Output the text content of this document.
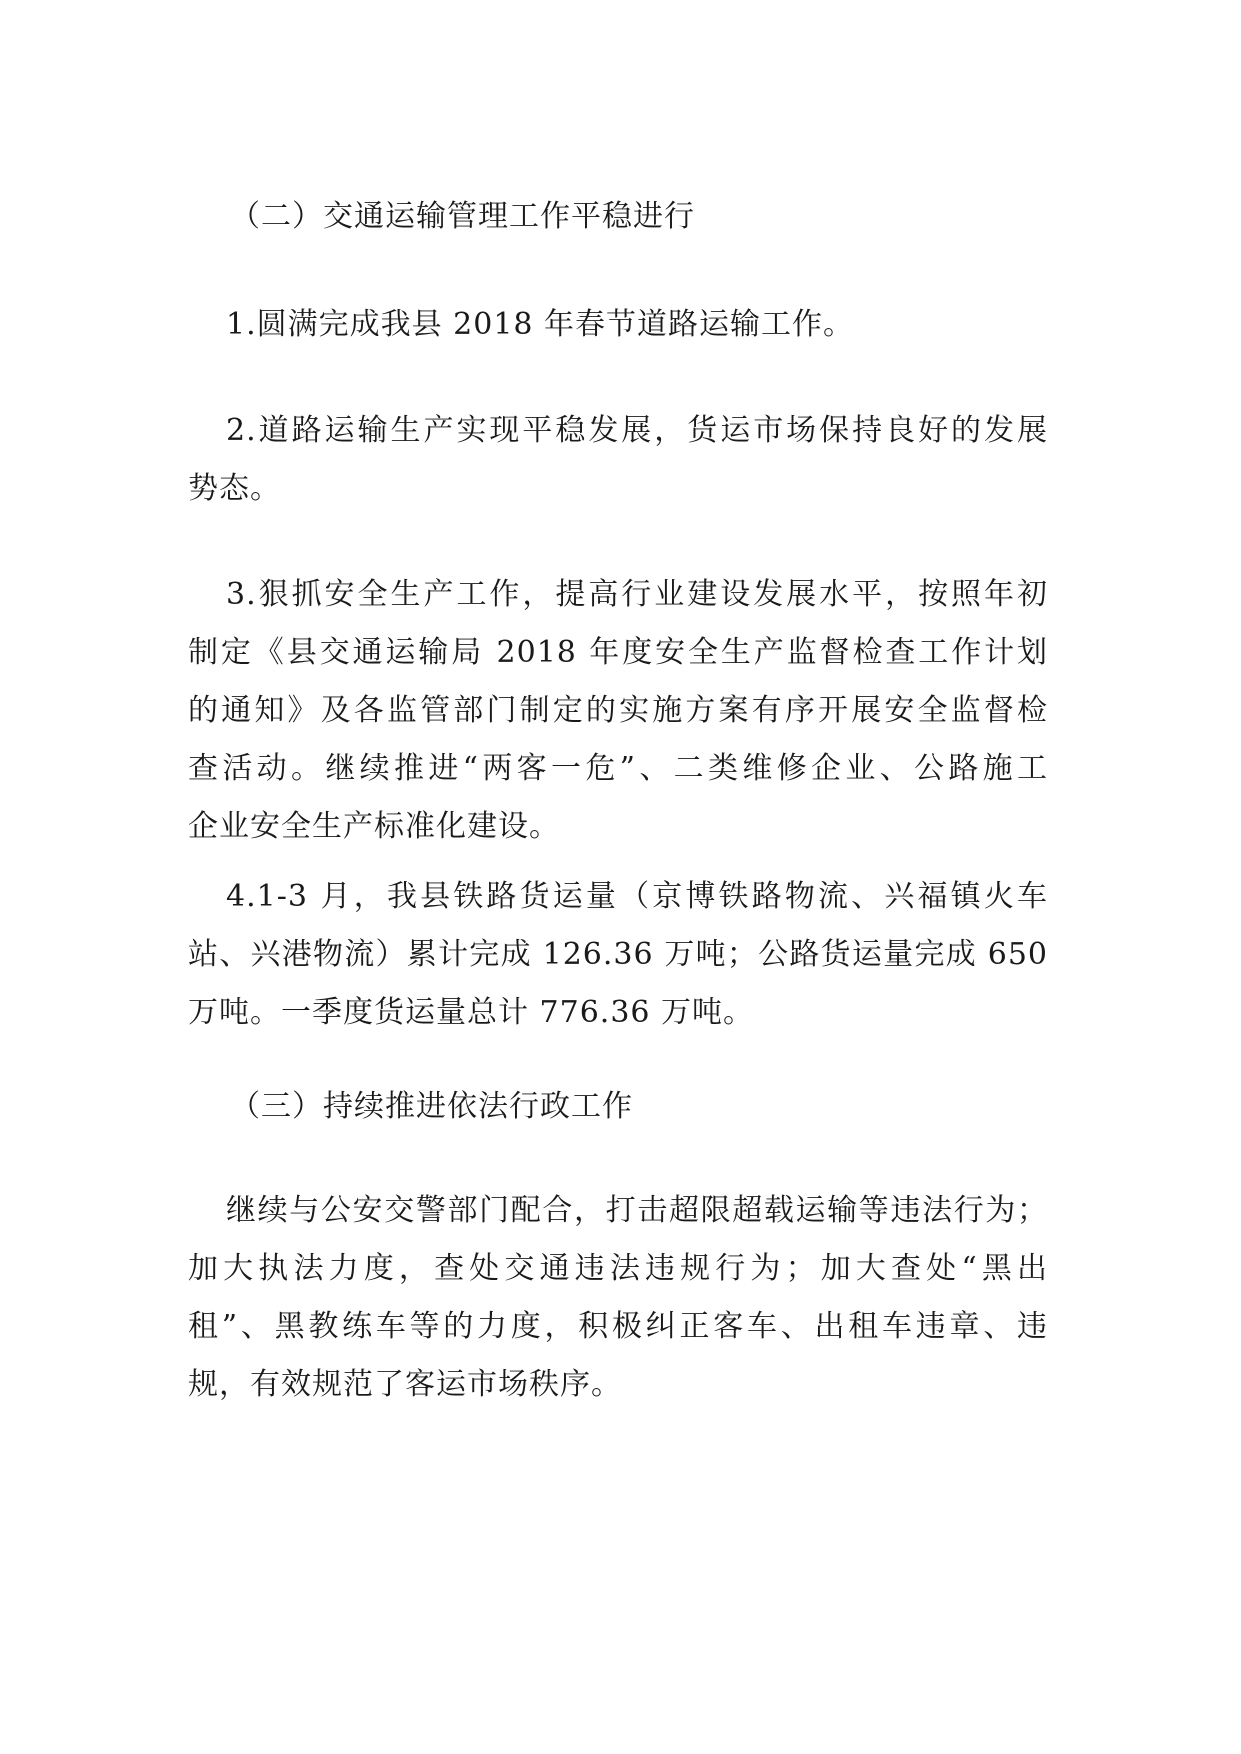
（二）交通运输管理工作平稳进行
1.圆满完成我县 2018 年春节道路运输工作。
2.道路运输生产实现平稳发展，货运市场保持良好的发展
势态。
3.狠抓安全生产工作，提高行业建设发展水平，按照年初
制定《县交通运输局 2018 年度安全生产监督检查工作计划
的通知》及各监管部门制定的实施方案有序开展安全监督检
查活动。继续推进“两客一危”、二类维修企业、公路施工
企业安全生产标准化建设。
4.1-3 月，我县铁路货运量（京博铁路物流、兴福镇火车
站、兴港物流）累计完成 126.36 万吨；公路货运量完成 650
万吨。一季度货运量总计 776.36 万吨。
（三）持续推进依法行政工作
继续与公安交警部门配合，打击超限超载运输等违法行为；
加大执法力度，查处交通违法违规行为；加大查处“黑出
租”、黑教练车等的力度，积极纠正客车、出租车违章、违
规，有效规范了客运市场秩序。
